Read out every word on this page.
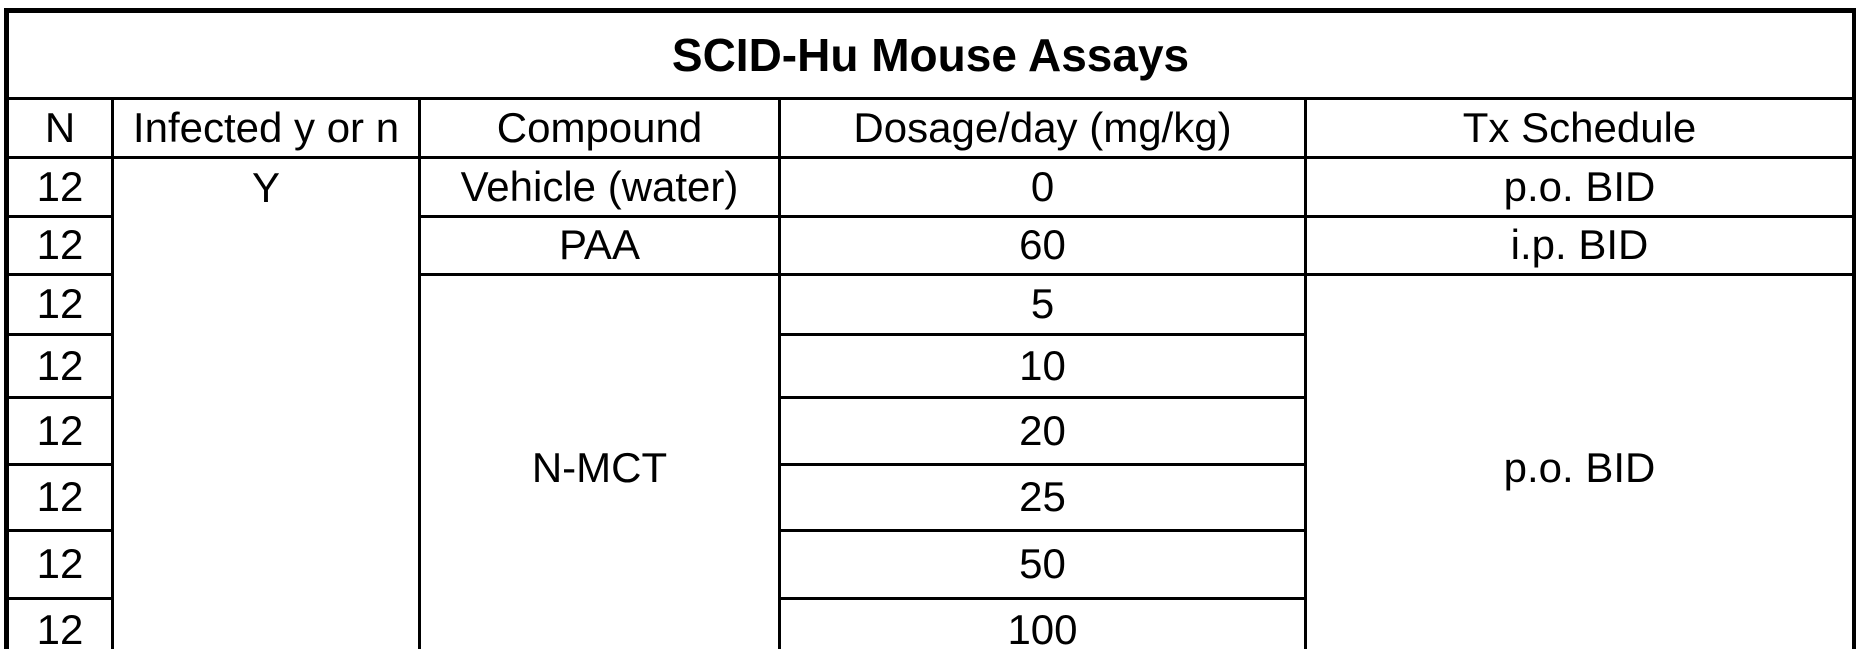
SCID-Hu Mouse Assays				
N	Infected y or n	Compound	Dosage/day (mg/kg)	Tx Schedule
12	Y	Vehicle (water)	0	p.o. BID
12		PAA	60	i.p. BID
12		N-MCT	5	p.o. BID
12			10	
12			20	
12			25	
12			50	
12			100	
